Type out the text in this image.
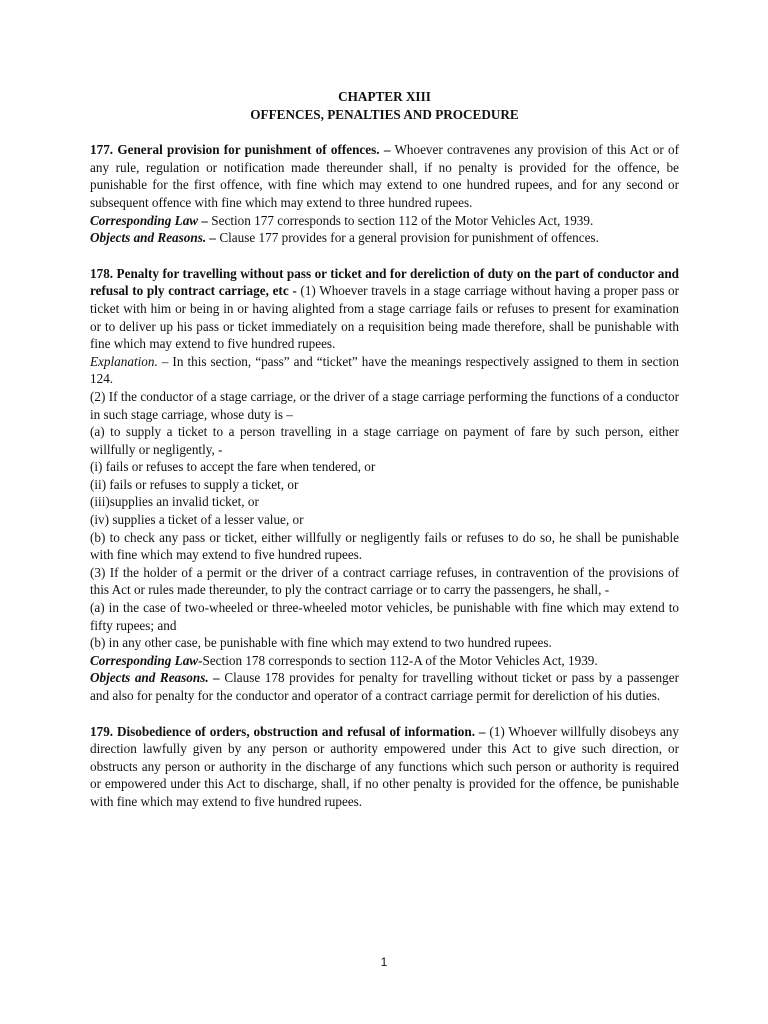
CHAPTER XIII
OFFENCES, PENALTIES AND PROCEDURE

177. General provision for punishment of offences. – Whoever contravenes any provision of this Act or of any rule, regulation or notification made thereunder shall, if no penalty is provided for the offence, be punishable for the first offence, with fine which may extend to one hundred rupees, and for any second or subsequent offence with fine which may extend to three hundred rupees.

Corresponding Law – Section 177 corresponds to section 112 of the Motor Vehicles Act, 1939.

Objects and Reasons. – Clause 177 provides for a general provision for punishment of offences.

178. Penalty for travelling without pass or ticket and for dereliction of duty on the part of conductor and refusal to ply contract carriage, etc - (1) Whoever travels in a stage carriage without having a proper pass or ticket with him or being in or having alighted from a stage carriage fails or refuses to present for examination or to deliver up his pass or ticket immediately on a requisition being made therefore, shall be punishable with fine which may extend to five hundred rupees.

Explanation. – In this section, “pass” and “ticket” have the meanings respectively assigned to them in section 124.

(2) If the conductor of a stage carriage, or the driver of a stage carriage performing the functions of a conductor in such stage carriage, whose duty is –

(a) to supply a ticket to a person travelling in a stage carriage on payment of fare by such person, either willfully or negligently, -

(i) fails or refuses to accept the fare when tendered, or

(ii) fails or refuses to supply a ticket, or

(iii)supplies an invalid ticket, or

(iv) supplies a ticket of a lesser value, or

(b) to check any pass or ticket, either willfully or negligently fails or refuses to do so, he shall be punishable with fine which may extend to five hundred rupees.

(3) If the holder of a permit or the driver of a contract carriage refuses, in contravention of the provisions of this Act or rules made thereunder, to ply the contract carriage or to carry the passengers, he shall, -

(a) in the case of two-wheeled or three-wheeled motor vehicles, be punishable with fine which may extend to fifty rupees; and

(b) in any other case, be punishable with fine which may extend to two hundred rupees.

Corresponding Law-Section 178 corresponds to section 112-A of the Motor Vehicles Act, 1939.

Objects and Reasons. – Clause 178 provides for penalty for travelling without ticket or pass by a passenger and also for penalty for the conductor and operator of a contract carriage permit for dereliction of his duties.

179. Disobedience of orders, obstruction and refusal of information. – (1) Whoever willfully disobeys any direction lawfully given by any person or authority empowered under this Act to give such direction, or obstructs any person or authority in the discharge of any functions which such person or authority is required or empowered under this Act to discharge, shall, if no other penalty is provided for the offence, be punishable with fine which may extend to five hundred rupees.

1
